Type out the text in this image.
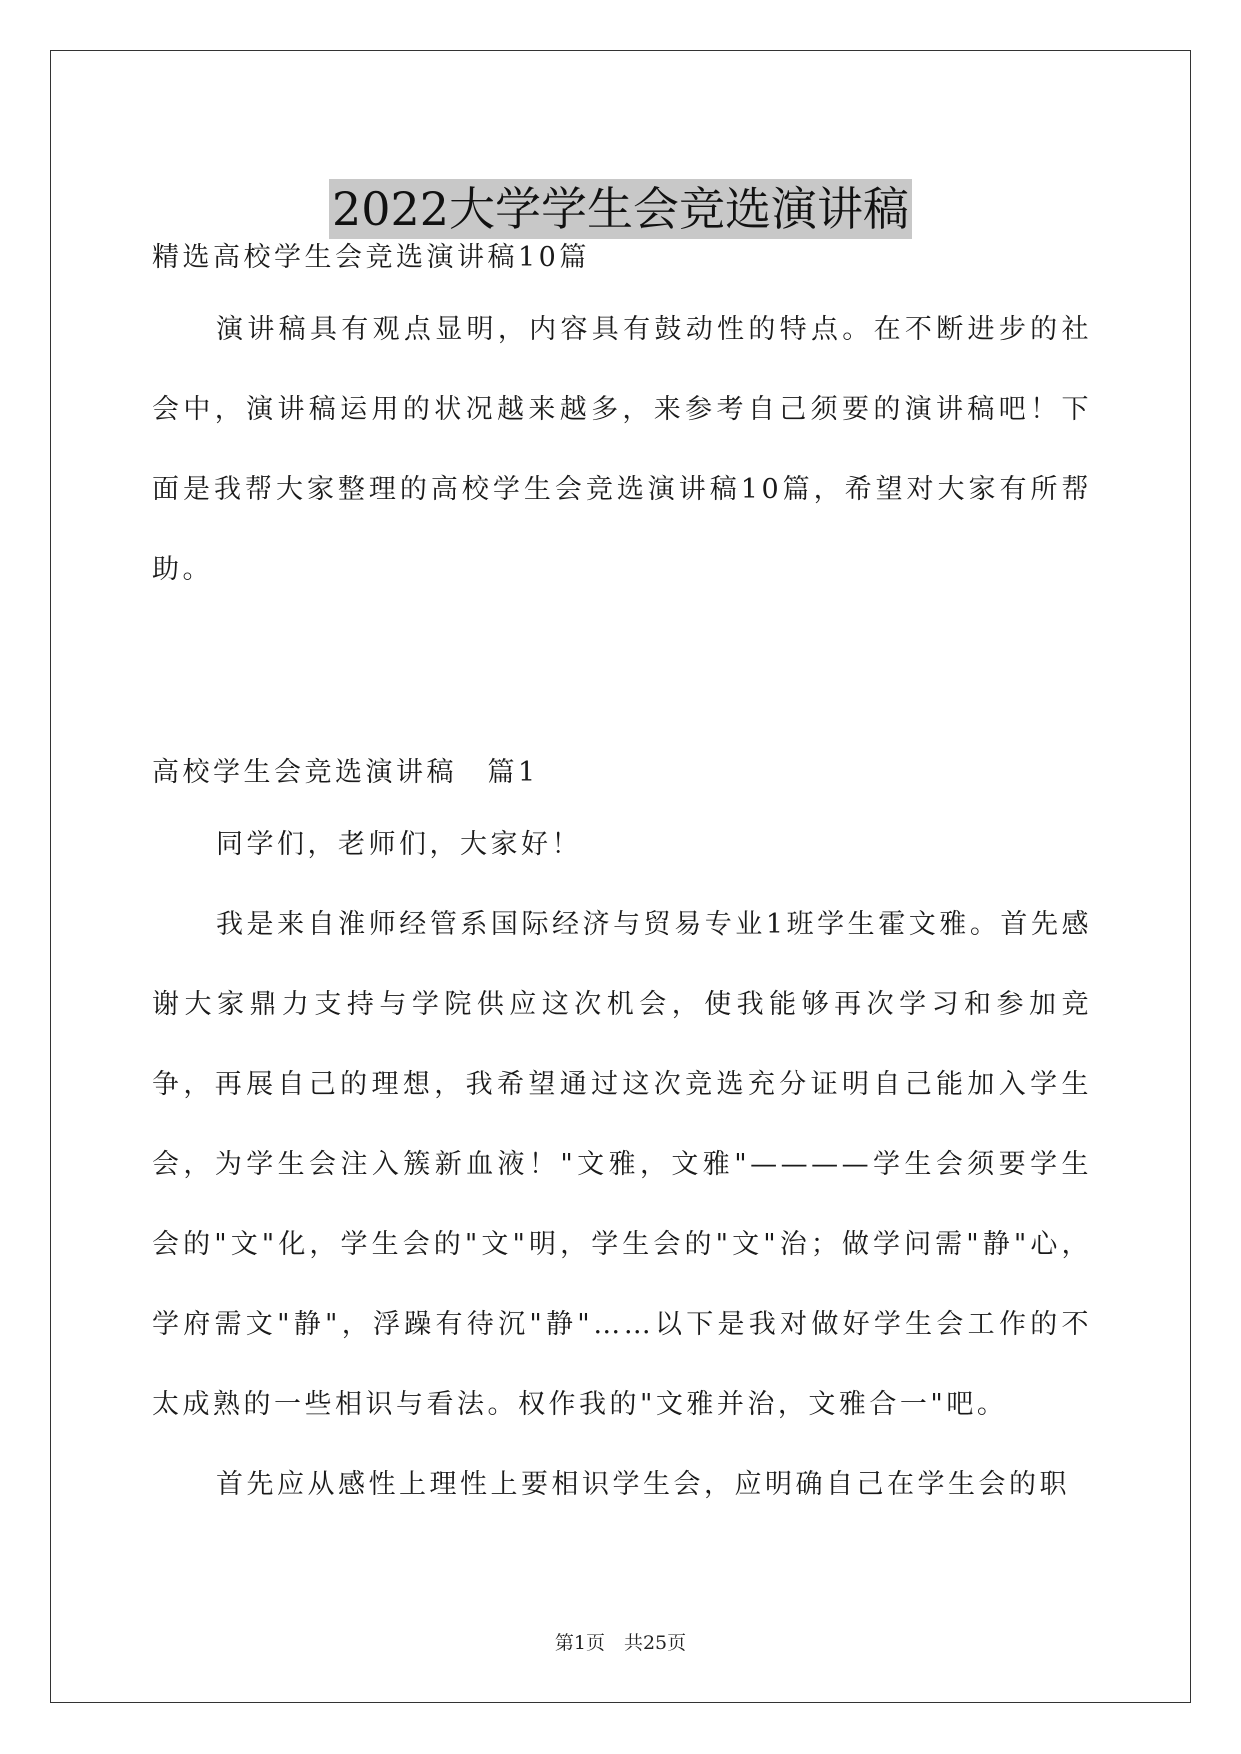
2022大学学生会竞选演讲稿
精选高校学生会竞选演讲稿10篇

演讲稿具有观点显明，内容具有鼓动性的特点。在不断进步的社会中，演讲稿运用的状况越来越多，来参考自己须要的演讲稿吧！下面是我帮大家整理的高校学生会竞选演讲稿10篇，希望对大家有所帮助。

高校学生会竞选演讲稿　篇1

同学们，老师们，大家好！

我是来自淮师经管系国际经济与贸易专业1班学生霍文雅。首先感谢大家鼎力支持与学院供应这次机会，使我能够再次学习和参加竞争，再展自己的理想，我希望通过这次竞选充分证明自己能加入学生会，为学生会注入簇新血液！"文雅，文雅"————学生会须要学生会的"文"化，学生会的"文"明，学生会的"文"治；做学问需"静"心，学府需文"静"，浮躁有待沉"静"……以下是我对做好学生会工作的不太成熟的一些相识与看法。权作我的"文雅并治，文雅合一"吧。

首先应从感性上理性上要相识学生会，应明确自己在学生会的职

第1页　共25页
